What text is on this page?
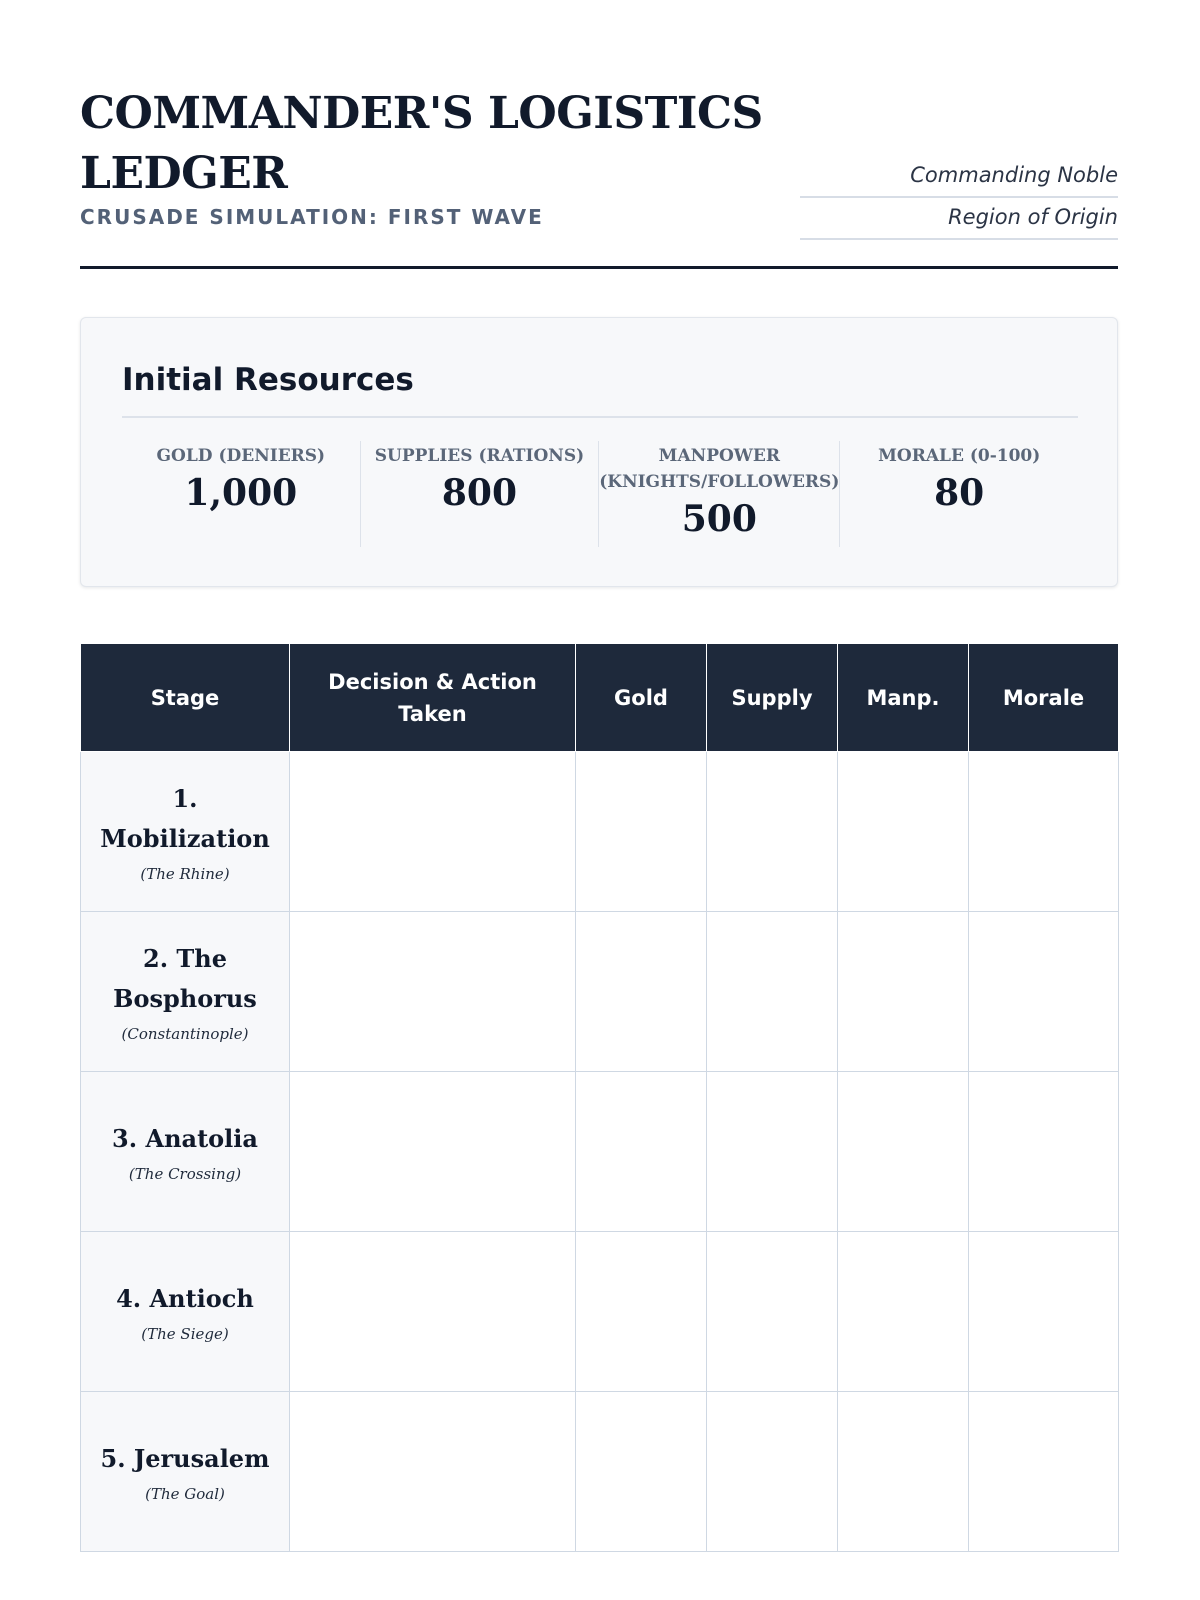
COMMANDER'S LOGISTICS LEDGER
CRUSADE SIMULATION: FIRST WAVE
Commanding Noble
Region of Origin
Initial Resources
GOLD (DENIERS)
1,000
SUPPLIES (RATIONS)
800
MANPOWER (KNIGHTS/FOLLOWERS)
500
MORALE (0-100)
80
Stage	Decision & Action Taken	Gold	Supply	Manp.	Morale

1. Mobilization
(The Rhine)					

2. The Bosphorus
(Constantinople)					

3. Anatolia
(The Crossing)					

4. Antioch
(The Siege)					

5. Jerusalem
(The Goal)					
